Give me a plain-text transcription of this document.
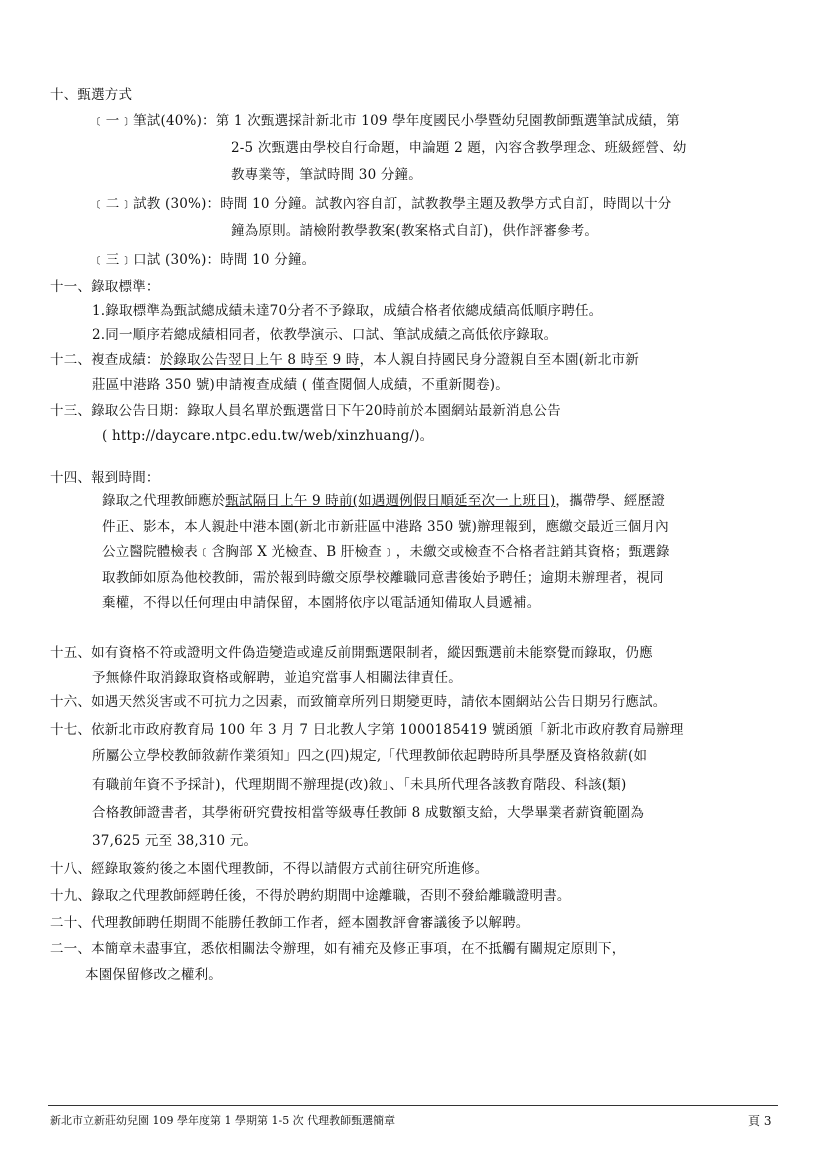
十、甄選方式
﹝一﹞筆試(40%)：第 1 次甄選採計新北市 109 學年度國民小學暨幼兒園教師甄選筆試成績，第
2-5 次甄選由學校自行命題，申論題 2 題，內容含教學理念、班級經營、幼
教專業等，筆試時間 30 分鐘。
﹝二﹞試教 (30%)：時間 10 分鐘。試教內容自訂，試教教學主題及教學方式自訂，時間以十分
鐘為原則。請檢附教學教案(教案格式自訂)，供作評審參考。
﹝三﹞口試 (30%)：時間 10 分鐘。
十一、錄取標準：
1.錄取標準為甄試總成績未達70分者不予錄取，成績合格者依總成績高低順序聘任。
2.同一順序若總成績相同者，依教學演示、口試、筆試成績之高低依序錄取。
十二、複查成績：於錄取公告翌日上午 8 時至 9 時，本人親自持國民身分證親自至本園(新北市新
莊區中港路 350 號)申請複查成績 ( 僅查閱個人成績，不重新閱卷)。
十三、錄取公告日期：錄取人員名單於甄選當日下午20時前於本園網站最新消息公告
( http://daycare.ntpc.edu.tw/web/xinzhuang/)。
十四、報到時間：
錄取之代理教師應於甄試隔日上午 9 時前(如遇週例假日順延至次一上班日)，攜帶學、經歷證
件正、影本，本人親赴中港本園(新北市新莊區中港路 350 號)辦理報到，應繳交最近三個月內
公立醫院體檢表﹝含胸部 X 光檢查、B 肝檢查﹞，未繳交或檢查不合格者註銷其資格；甄選錄
取教師如原為他校教師，需於報到時繳交原學校離職同意書後始予聘任；逾期未辦理者，視同
棄權，不得以任何理由申請保留，本園將依序以電話通知備取人員遞補。
十五、如有資格不符或證明文件偽造變造或違反前開甄選限制者，縱因甄選前未能察覺而錄取，仍應
予無條件取消錄取資格或解聘，並追究當事人相關法律責任。
十六、如遇天然災害或不可抗力之因素，而致簡章所列日期變更時，請依本園網站公告日期另行應試。
十七、依新北市政府教育局 100 年 3 月 7 日北教人字第 1000185419 號函頒「新北市政府教育局辦理
所屬公立學校教師敘薪作業須知」四之(四)規定,「代理教師依起聘時所具學歷及資格敘薪(如
有職前年資不予採計)，代理期間不辦理提(改)敘」、「未具所代理各該教育階段、科該(類)
合格教師證書者，其學術研究費按相當等級專任教師 8 成數額支給，大學畢業者薪資範圍為
37,625 元至 38,310 元。
十八、經錄取簽約後之本園代理教師，不得以請假方式前往研究所進修。
十九、錄取之代理教師經聘任後，不得於聘約期間中途離職，否則不發給離職證明書。
二十、代理教師聘任期間不能勝任教師工作者，經本園教評會審議後予以解聘。
二一、本簡章未盡事宜，悉依相關法令辦理，如有補充及修正事項，在不抵觸有關規定原則下，
本園保留修改之權利。
新北市立新莊幼兒園 109 學年度第 1 學期第 1-5 次 代理教師甄選簡章	頁 3
